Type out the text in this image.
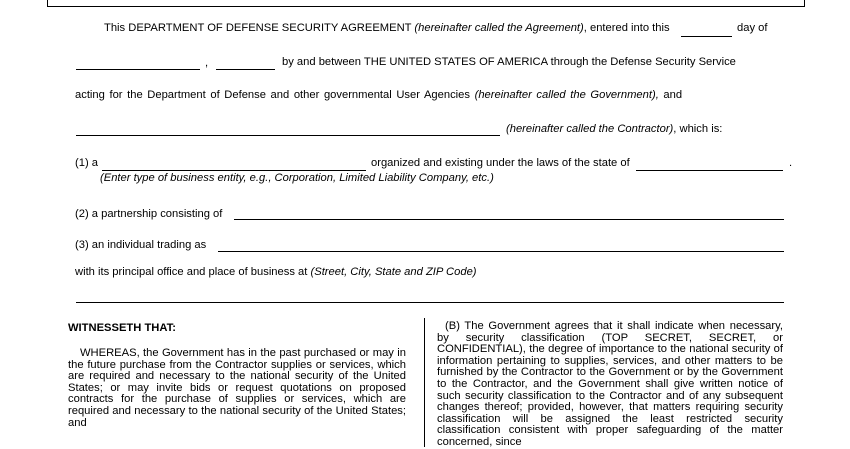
This DEPARTMENT OF DEFENSE SECURITY AGREEMENT (hereinafter called the Agreement), entered into this	day of
,	by and between THE UNITED STATES OF AMERICA through the Defense Security Service
acting for the Department of Defense and other governmental User Agencies (hereinafter called the Government), and
(hereinafter called the Contractor), which is:
(1) a	organized and existing under the laws of the state of	.
(Enter type of business entity, e.g., Corporation, Limited Liability Company, etc.)
(2) a partnership consisting of
(3) an individual trading as
with its principal office and place of business at (Street, City, State and ZIP Code)
WITNESSETH THAT:

WHEREAS, the Government has in the past purchased or may in the future purchase from the Contractor supplies or services, which are required and necessary to the national security of the United States; or may invite bids or request quotations on proposed contracts for the purchase of supplies or services, which are required and necessary to the national security of the United States; and

(B) The Government agrees that it shall indicate when necessary, by security classification (TOP SECRET, SECRET, or CONFIDENTIAL), the degree of importance to the national security of information pertaining to supplies, services, and other matters to be furnished by the Contractor to the Government or by the Government to the Contractor, and the Government shall give written notice of such security classification to the Contractor and of any subsequent changes thereof; provided, however, that matters requiring security classification will be assigned the least restricted security classification consistent with proper safeguarding of the matter concerned, since
